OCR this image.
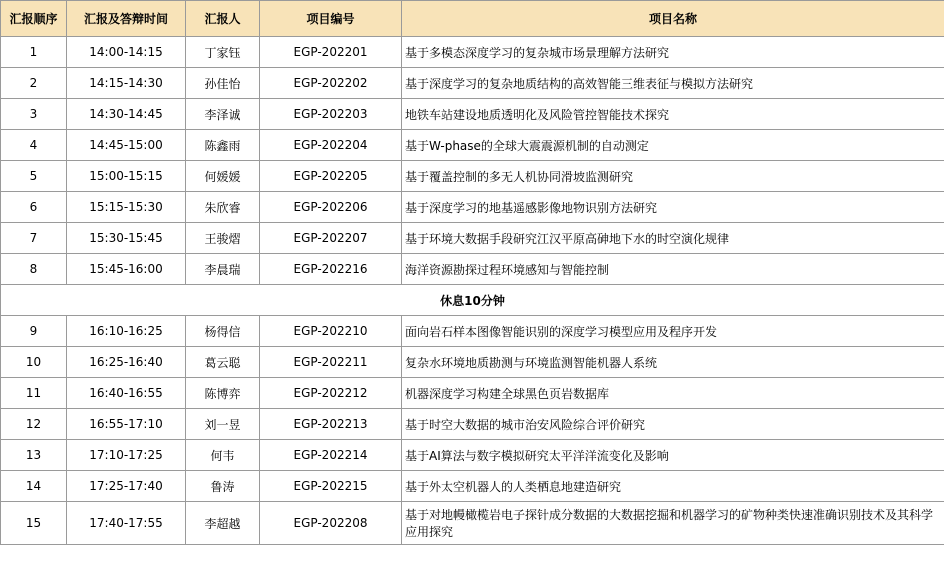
汇报顺序	汇报及答辩时间	汇报人	项目编号	项目名称
1	14:00-14:15	丁家钰	EGP-202201	基于多模态深度学习的复杂城市场景理解方法研究
2	14:15-14:30	孙佳怡	EGP-202202	基于深度学习的复杂地质结构的高效智能三维表征与模拟方法研究
3	14:30-14:45	李泽诚	EGP-202203	地铁车站建设地质透明化及风险管控智能技术探究
4	14:45-15:00	陈鑫雨	EGP-202204	基于W-phase的全球大震震源机制的自动测定
5	15:00-15:15	何媛媛	EGP-202205	基于覆盖控制的多无人机协同滑坡监测研究
6	15:15-15:30	朱欣睿	EGP-202206	基于深度学习的地基遥感影像地物识别方法研究
7	15:30-15:45	王骏熠	EGP-202207	基于环境大数据手段研究江汉平原高砷地下水的时空演化规律
8	15:45-16:00	李晨瑞	EGP-202216	海洋资源勘探过程环境感知与智能控制
休息10分钟				
9	16:10-16:25	杨得信	EGP-202210	面向岩石样本图像智能识别的深度学习模型应用及程序开发
10	16:25-16:40	葛云聪	EGP-202211	复杂水环境地质勘测与环境监测智能机器人系统
11	16:40-16:55	陈博弈	EGP-202212	机器深度学习构建全球黑色页岩数据库
12	16:55-17:10	刘一昱	EGP-202213	基于时空大数据的城市治安风险综合评价研究
13	17:10-17:25	何韦	EGP-202214	基于AI算法与数字模拟研究太平洋洋流变化及影响
14	17:25-17:40	鲁涛	EGP-202215	基于外太空机器人的人类栖息地建造研究
15	17:40-17:55	李超越	EGP-202208	基于对地幔橄榄岩电子探针成分数据的大数据挖掘和机器学习的矿物种类快速准确识别技术及其科学应用探究
